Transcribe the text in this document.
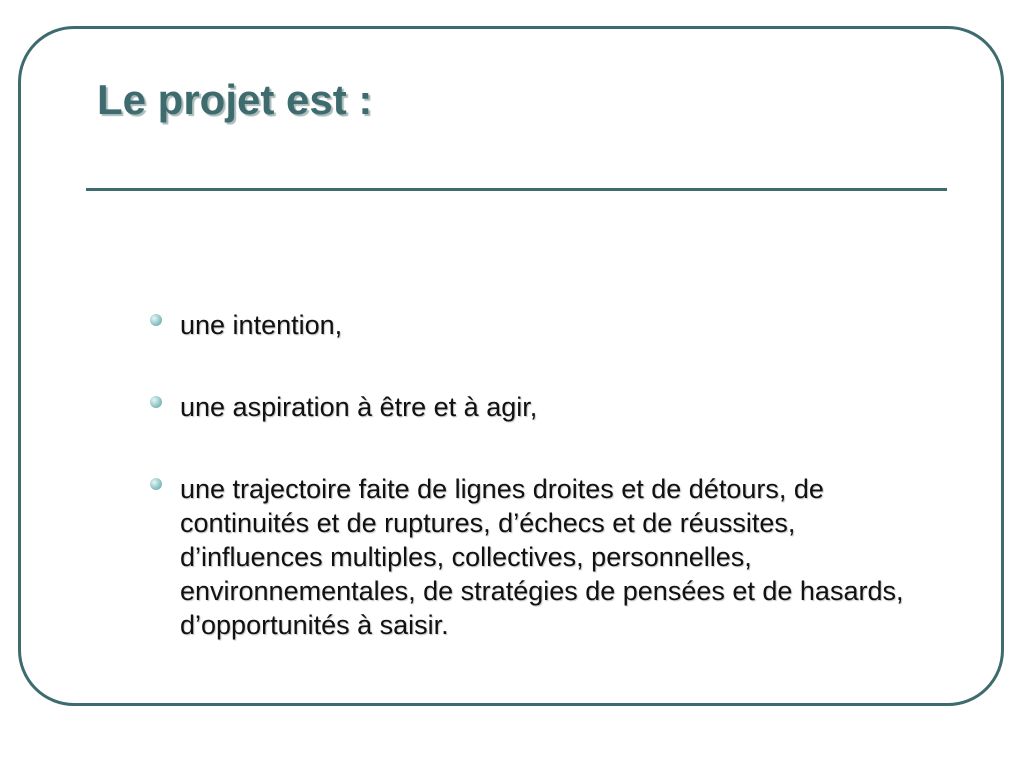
Le projet est :
une intention,
une aspiration à être et à agir,
une trajectoire faite de lignes droites et de détours, de continuités et de ruptures, d’échecs et de réussites, d’influences multiples, collectives, personnelles, environnementales, de stratégies de pensées et de hasards, d’opportunités à saisir.
